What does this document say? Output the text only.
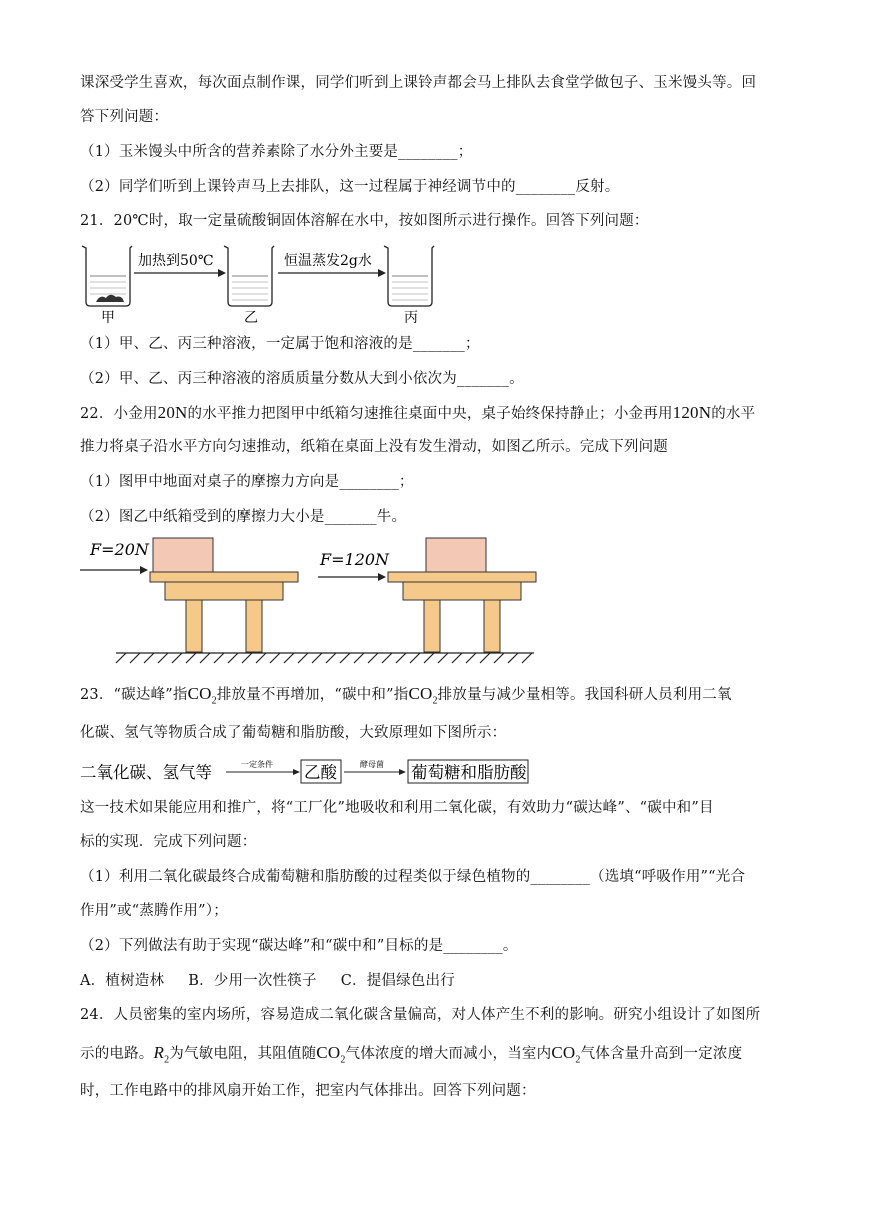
课深受学生喜欢，每次面点制作课，同学们听到上课铃声都会马上排队去食堂学做包子、玉米馒头等。回
答下列问题：
（1）玉米馒头中所含的营养素除了水分外主要是________；
（2）同学们听到上课铃声马上去排队，这一过程属于神经调节中的________反射。
21．20℃时，取一定量硫酸铜固体溶解在水中，按如图所示进行操作。回答下列问题：
加热到50℃	恒温蒸发2g水
甲	乙	丙
（1）甲、乙、丙三种溶液，一定属于饱和溶液的是_______；
（2）甲、乙、丙三种溶液的溶质质量分数从大到小依次为_______。
22．小金用20N的水平推力把图甲中纸箱匀速推往桌面中央，桌子始终保持静止；小金再用120N的水平
推力将桌子沿水平方向匀速推动，纸箱在桌面上没有发生滑动，如图乙所示。完成下列问题
（1）图甲中地面对桌子的摩擦力方向是________；
（2）图乙中纸箱受到的摩擦力大小是_______牛。
F=20N
F=120N
23．“碳达峰”指$CO_2$排放量不再增加，“碳中和”指$CO_2$排放量与减少量相等。我国科研人员利用二氧
化碳、氢气等物质合成了葡萄糖和脂肪酸，大致原理如下图所示：
二氧化碳、氢气等	一定条件 乙酸	酵母菌 葡萄糖和脂肪酸
这一技术如果能应用和推广，将“工厂化”地吸收和利用二氧化碳，有效助力“碳达峰”、“碳中和”目
标的实现．完成下列问题：
（1）利用二氧化碳最终合成葡萄糖和脂肪酸的过程类似于绿色植物的________（选填“呼吸作用”“光合
作用”或“蒸腾作用”）；
（2）下列做法有助于实现“碳达峰”和“碳中和”目标的是________。
A．植树造林     B．少用一次性筷子     C．提倡绿色出行
24．人员密集的室内场所，容易造成二氧化碳含量偏高，对人体产生不利的影响。研究小组设计了如图所
示的电路。$R_2$为气敏电阻，其阻值随$CO_2$气体浓度的增大而减小，当室内$CO_2$气体含量升高到一定浓度
时，工作电路中的排风扇开始工作，把室内气体排出。回答下列问题：
